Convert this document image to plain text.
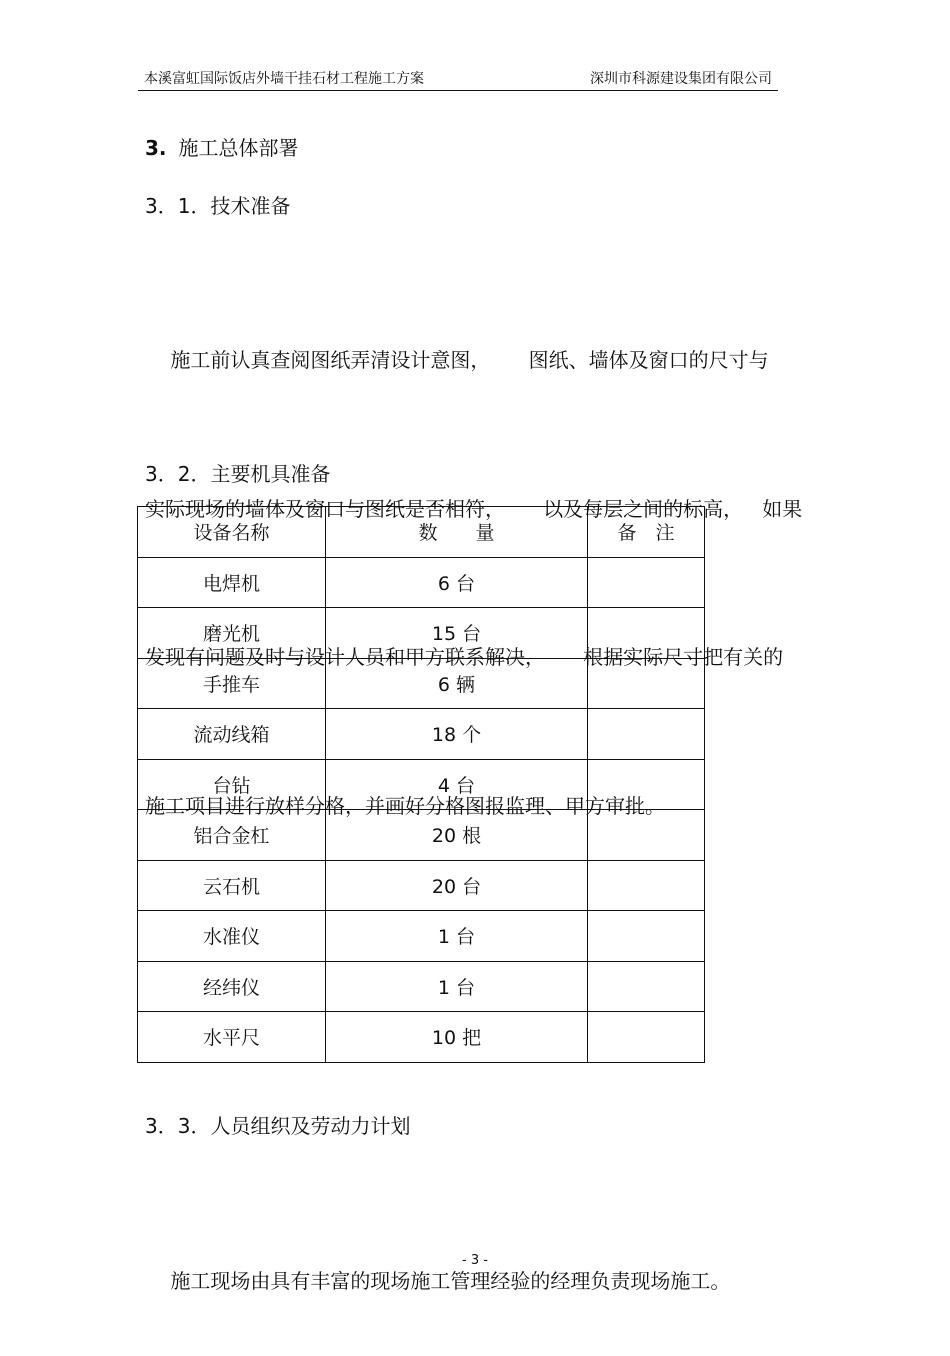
本溪富虹国际饭店外墙干挂石材工程施工方案	深圳市科源建设集团有限公司
3. 施工总体部署
3．1．技术准备

施工前认真查阅图纸弄清设计意图，      图纸、墙体及窗口的尺寸与

实际现场的墙体及窗口与图纸是否相符，      以及每层之间的标高，   如果

发现有问题及时与设计人员和甲方联系解决，      根据实际尺寸把有关的

施工项目进行放样分格，并画好分格图报监理、甲方审批。

3．2．主要机具准备
设备名称	数　　量	备　注
电焊机	6 台	
磨光机	15 台	
手推车	6 辆	
流动线箱	18 个	
台钻	4 台	
铝合金杠	20 根	
云石机	20 台	
水准仪	1 台	
经纬仪	1 台	
水平尺	10 把	
3．3．人员组织及劳动力计划

施工现场由具有丰富的现场施工管理经验的经理负责现场施工。

- 3 -
